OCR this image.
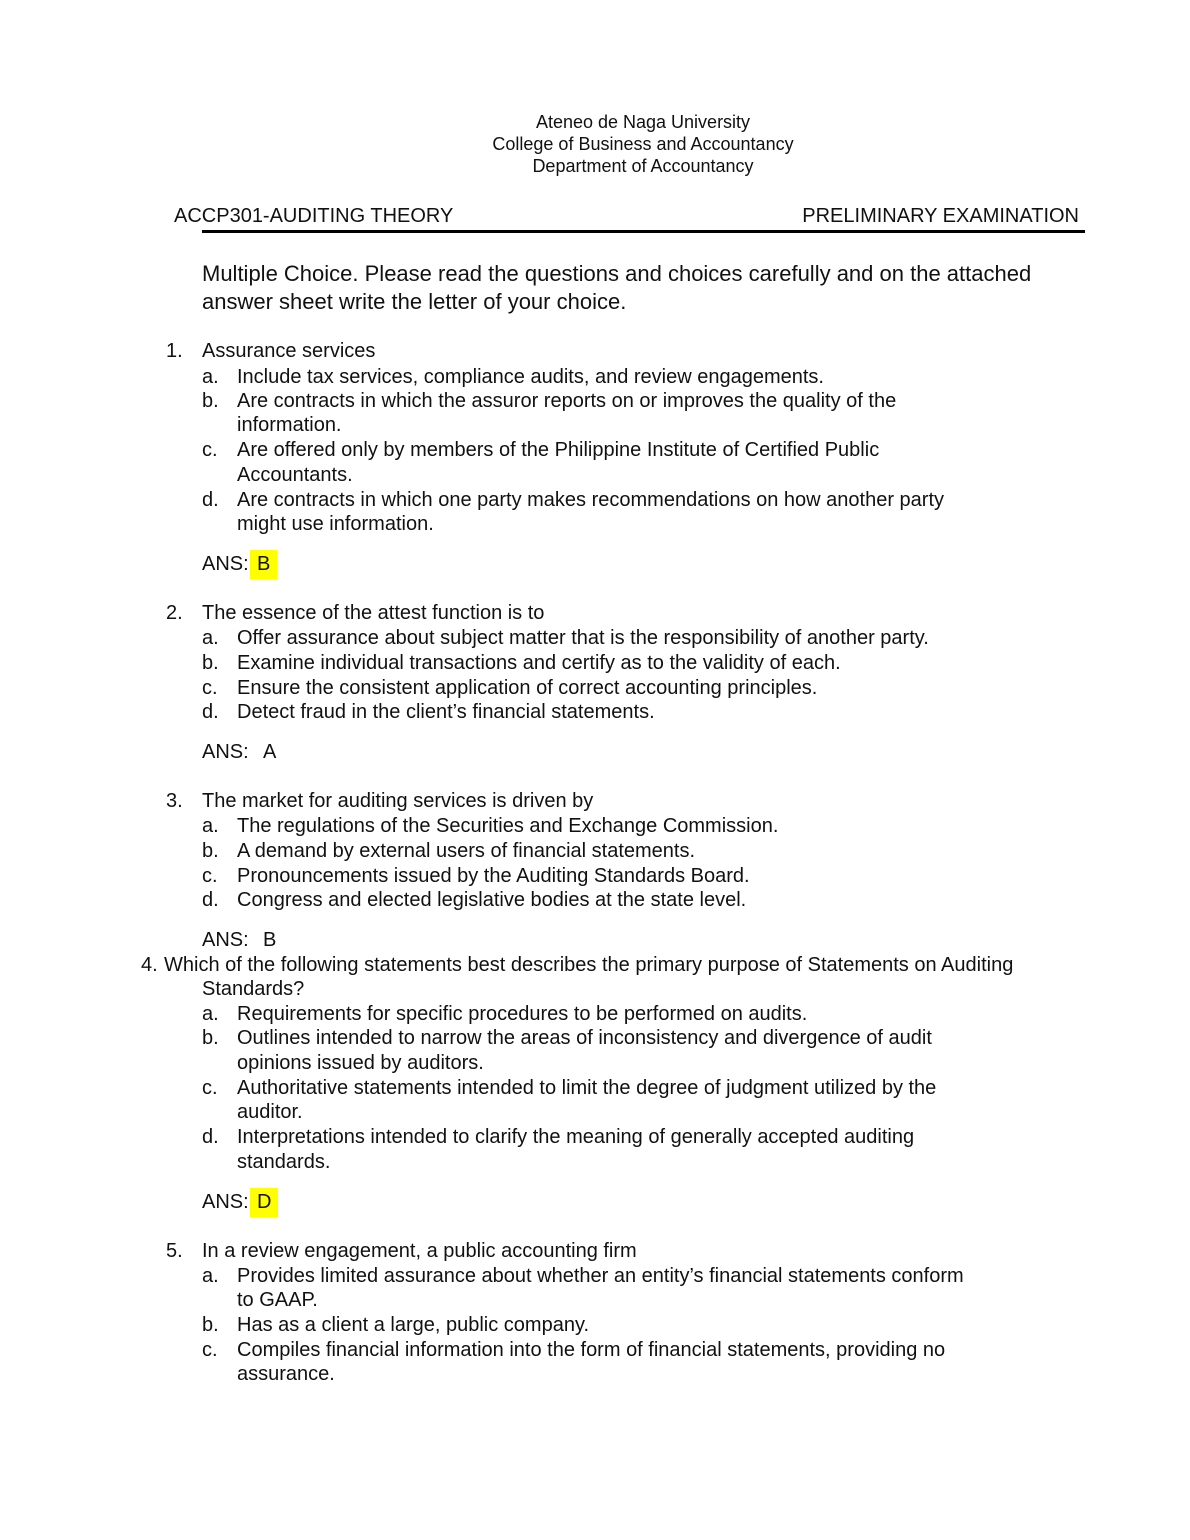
Ateneo de Naga University
College of Business and Accountancy
Department of Accountancy
ACCP301-AUDITING THEORY	PRELIMINARY EXAMINATION
Multiple Choice. Please read the questions and choices carefully and on the attached
answer sheet write the letter of your choice.
1. Assurance services
a. Include tax services, compliance audits, and review engagements.
b. Are contracts in which the assuror reports on or improves the quality of the
information.
c. Are offered only by members of the Philippine Institute of Certified Public
Accountants.
d. Are contracts in which one party makes recommendations on how another party
might use information.
ANS: B
2. The essence of the attest function is to
a. Offer assurance about subject matter that is the responsibility of another party.
b. Examine individual transactions and certify as to the validity of each.
c. Ensure the consistent application of correct accounting principles.
d. Detect fraud in the client’s financial statements.
ANS: A
3. The market for auditing services is driven by
a. The regulations of the Securities and Exchange Commission.
b. A demand by external users of financial statements.
c. Pronouncements issued by the Auditing Standards Board.
d. Congress and elected legislative bodies at the state level.
ANS: B
4. Which of the following statements best describes the primary purpose of Statements on Auditing
Standards?
a. Requirements for specific procedures to be performed on audits.
b. Outlines intended to narrow the areas of inconsistency and divergence of audit
opinions issued by auditors.
c. Authoritative statements intended to limit the degree of judgment utilized by the
auditor.
d. Interpretations intended to clarify the meaning of generally accepted auditing
standards.
ANS: D
5. In a review engagement, a public accounting firm
a. Provides limited assurance about whether an entity’s financial statements conform
to GAAP.
b. Has as a client a large, public company.
c. Compiles financial information into the form of financial statements, providing no
assurance.
